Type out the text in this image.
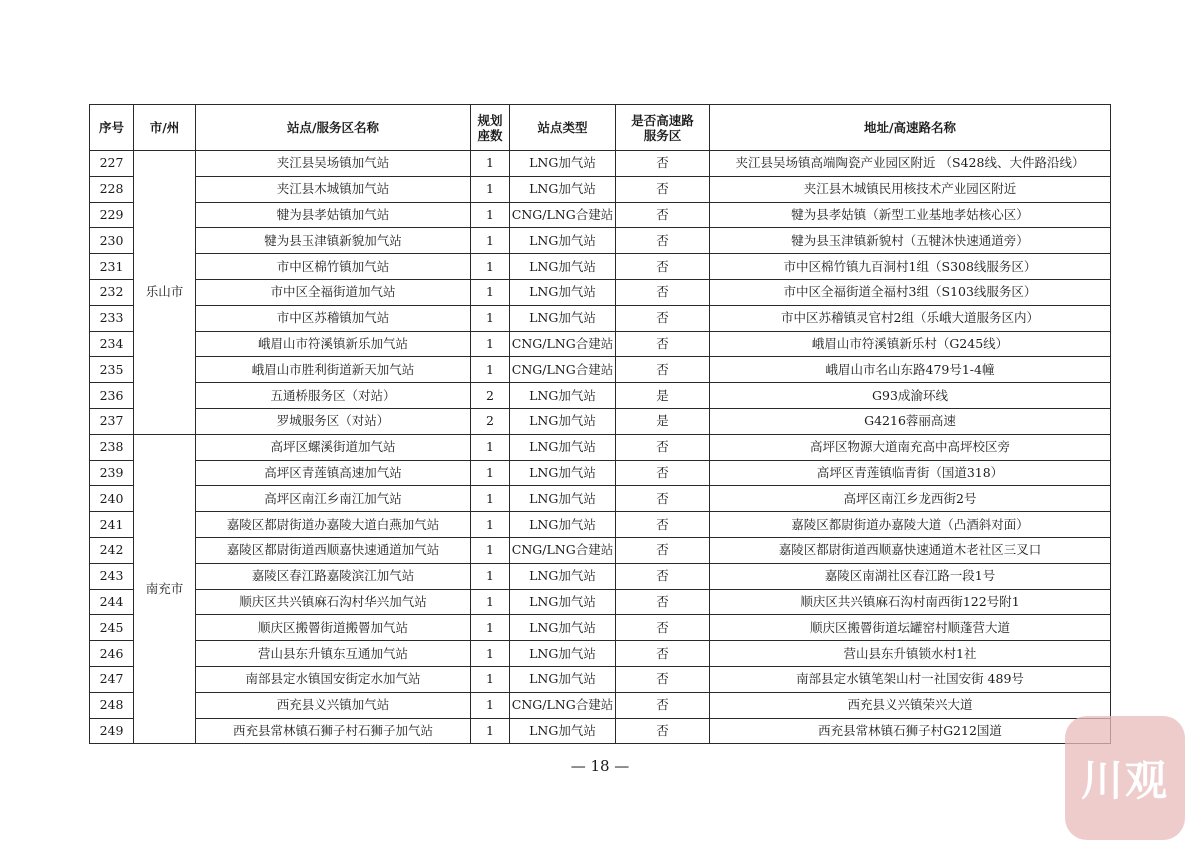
序号	市/州	站点/服务区名称	规划座数	站点类型	是否高速路服务区	地址/高速路名称
227	乐山市	夹江县吴场镇加气站	1	LNG加气站	否	夹江县吴场镇高端陶瓷产业园区附近 （S428线、大件路沿线）
228		夹江县木城镇加气站	1	LNG加气站	否	夹江县木城镇民用核技术产业园区附近
229		犍为县孝姑镇加气站	1	CNG/LNG合建站	否	犍为县孝姑镇（新型工业基地孝姑核心区）
230		犍为县玉津镇新貌加气站	1	LNG加气站	否	犍为县玉津镇新貌村（五犍沐快速通道旁）
231		市中区棉竹镇加气站	1	LNG加气站	否	市中区棉竹镇九百洞村1组（S308线服务区）
232		市中区全福街道加气站	1	LNG加气站	否	市中区全福街道全福村3组（S103线服务区）
233		市中区苏稽镇加气站	1	LNG加气站	否	市中区苏稽镇灵官村2组（乐峨大道服务区内）
234		峨眉山市符溪镇新乐加气站	1	CNG/LNG合建站	否	峨眉山市符溪镇新乐村（G245线）
235		峨眉山市胜利街道新天加气站	1	CNG/LNG合建站	否	峨眉山市名山东路479号1-4幢
236		五通桥服务区（对站）	2	LNG加气站	是	G93成渝环线
237		罗城服务区（对站）	2	LNG加气站	是	G4216蓉丽高速
238	南充市	高坪区螺溪街道加气站	1	LNG加气站	否	高坪区物源大道南充高中高坪校区旁
239		高坪区青莲镇高速加气站	1	LNG加气站	否	高坪区青莲镇临青街（国道318）
240		高坪区南江乡南江加气站	1	LNG加气站	否	高坪区南江乡龙西街2号
241		嘉陵区都尉街道办嘉陵大道白燕加气站	1	LNG加气站	否	嘉陵区都尉街道办嘉陵大道（凸酒斜对面）
242		嘉陵区都尉街道西顺嘉快速通道加气站	1	CNG/LNG合建站	否	嘉陵区都尉街道西顺嘉快速通道木老社区三叉口
243		嘉陵区春江路嘉陵滨江加气站	1	LNG加气站	否	嘉陵区南湖社区春江路一段1号
244		顺庆区共兴镇麻石沟村华兴加气站	1	LNG加气站	否	顺庆区共兴镇麻石沟村南西街122号附1
245		顺庆区搬罾街道搬罾加气站	1	LNG加气站	否	顺庆区搬罾街道坛罐窑村顺蓬营大道
246		营山县东升镇东互通加气站	1	LNG加气站	否	营山县东升镇锁水村1社
247		南部县定水镇国安街定水加气站	1	LNG加气站	否	南部县定水镇笔架山村一社国安街 489号
248		西充县义兴镇加气站	1	CNG/LNG合建站	否	西充县义兴镇荣兴大道
249		西充县常林镇石狮子村石狮子加气站	1	LNG加气站	否	西充县常林镇石狮子村G212国道
— 18 —	川观
